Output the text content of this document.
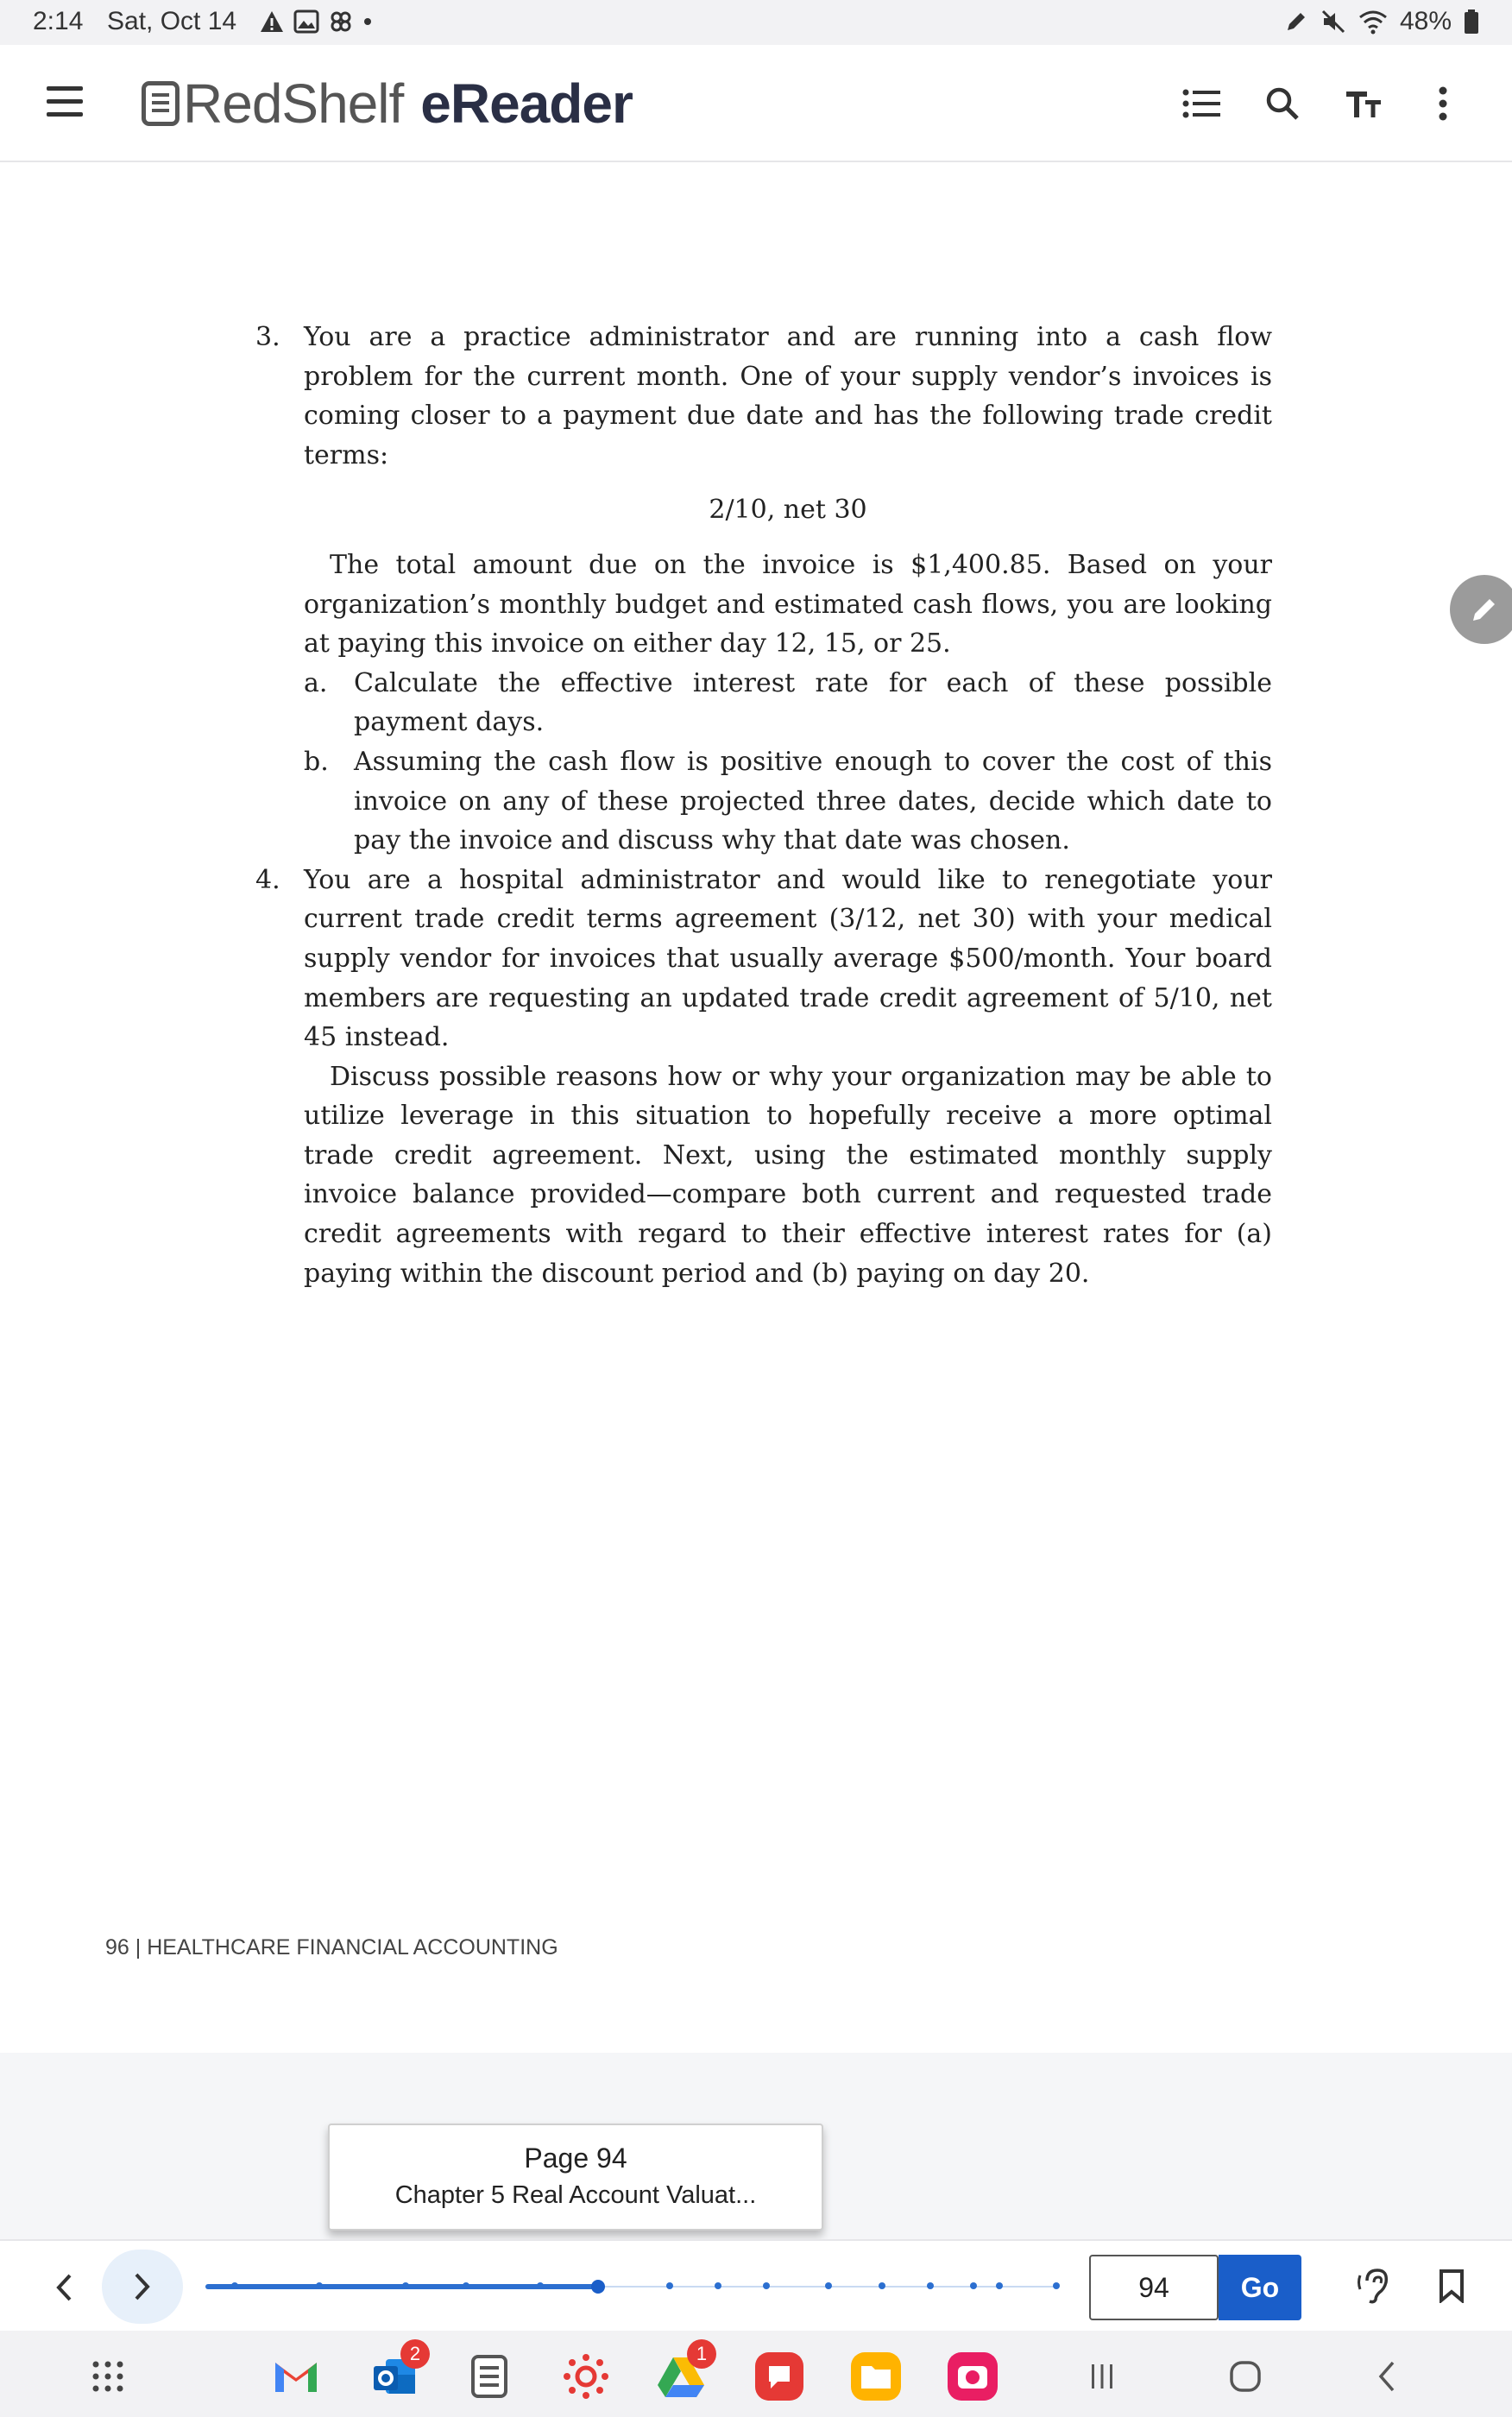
2:14 Sat, Oct 14	48%
RedShelf eReader
3. You are a practice administrator and are running into a cash flow problem for the current month. One of your supply vendor’s invoices is coming closer to a payment due date and has the following trade credit terms:

2/10, net 30

The total amount due on the invoice is $1,400.85. Based on your organization’s monthly budget and estimated cash flows, you are looking at paying this invoice on either day 12, 15, or 25.

a. Calculate the effective interest rate for each of these possible payment days.

b. Assuming the cash flow is positive enough to cover the cost of this invoice on any of these projected three dates, decide which date to pay the invoice and discuss why that date was chosen.

4. You are a hospital administrator and would like to renegotiate your current trade credit terms agreement (3/12, net 30) with your medical supply vendor for invoices that usually average $500/month. Your board members are requesting an updated trade credit agreement of 5/10, net 45 instead.

Discuss possible reasons how or why your organization may be able to utilize leverage in this situation to hopefully receive a more optimal trade credit agreement. Next, using the estimated monthly supply invoice balance provided—compare both current and requested trade credit agreements with regard to their effective interest rates for (a) paying within the discount period and (b) paying on day 20.

96 | HEALTHCARE FINANCIAL ACCOUNTING
Page 94
Chapter 5 Real Account Valuat...
94	Go
2	1
